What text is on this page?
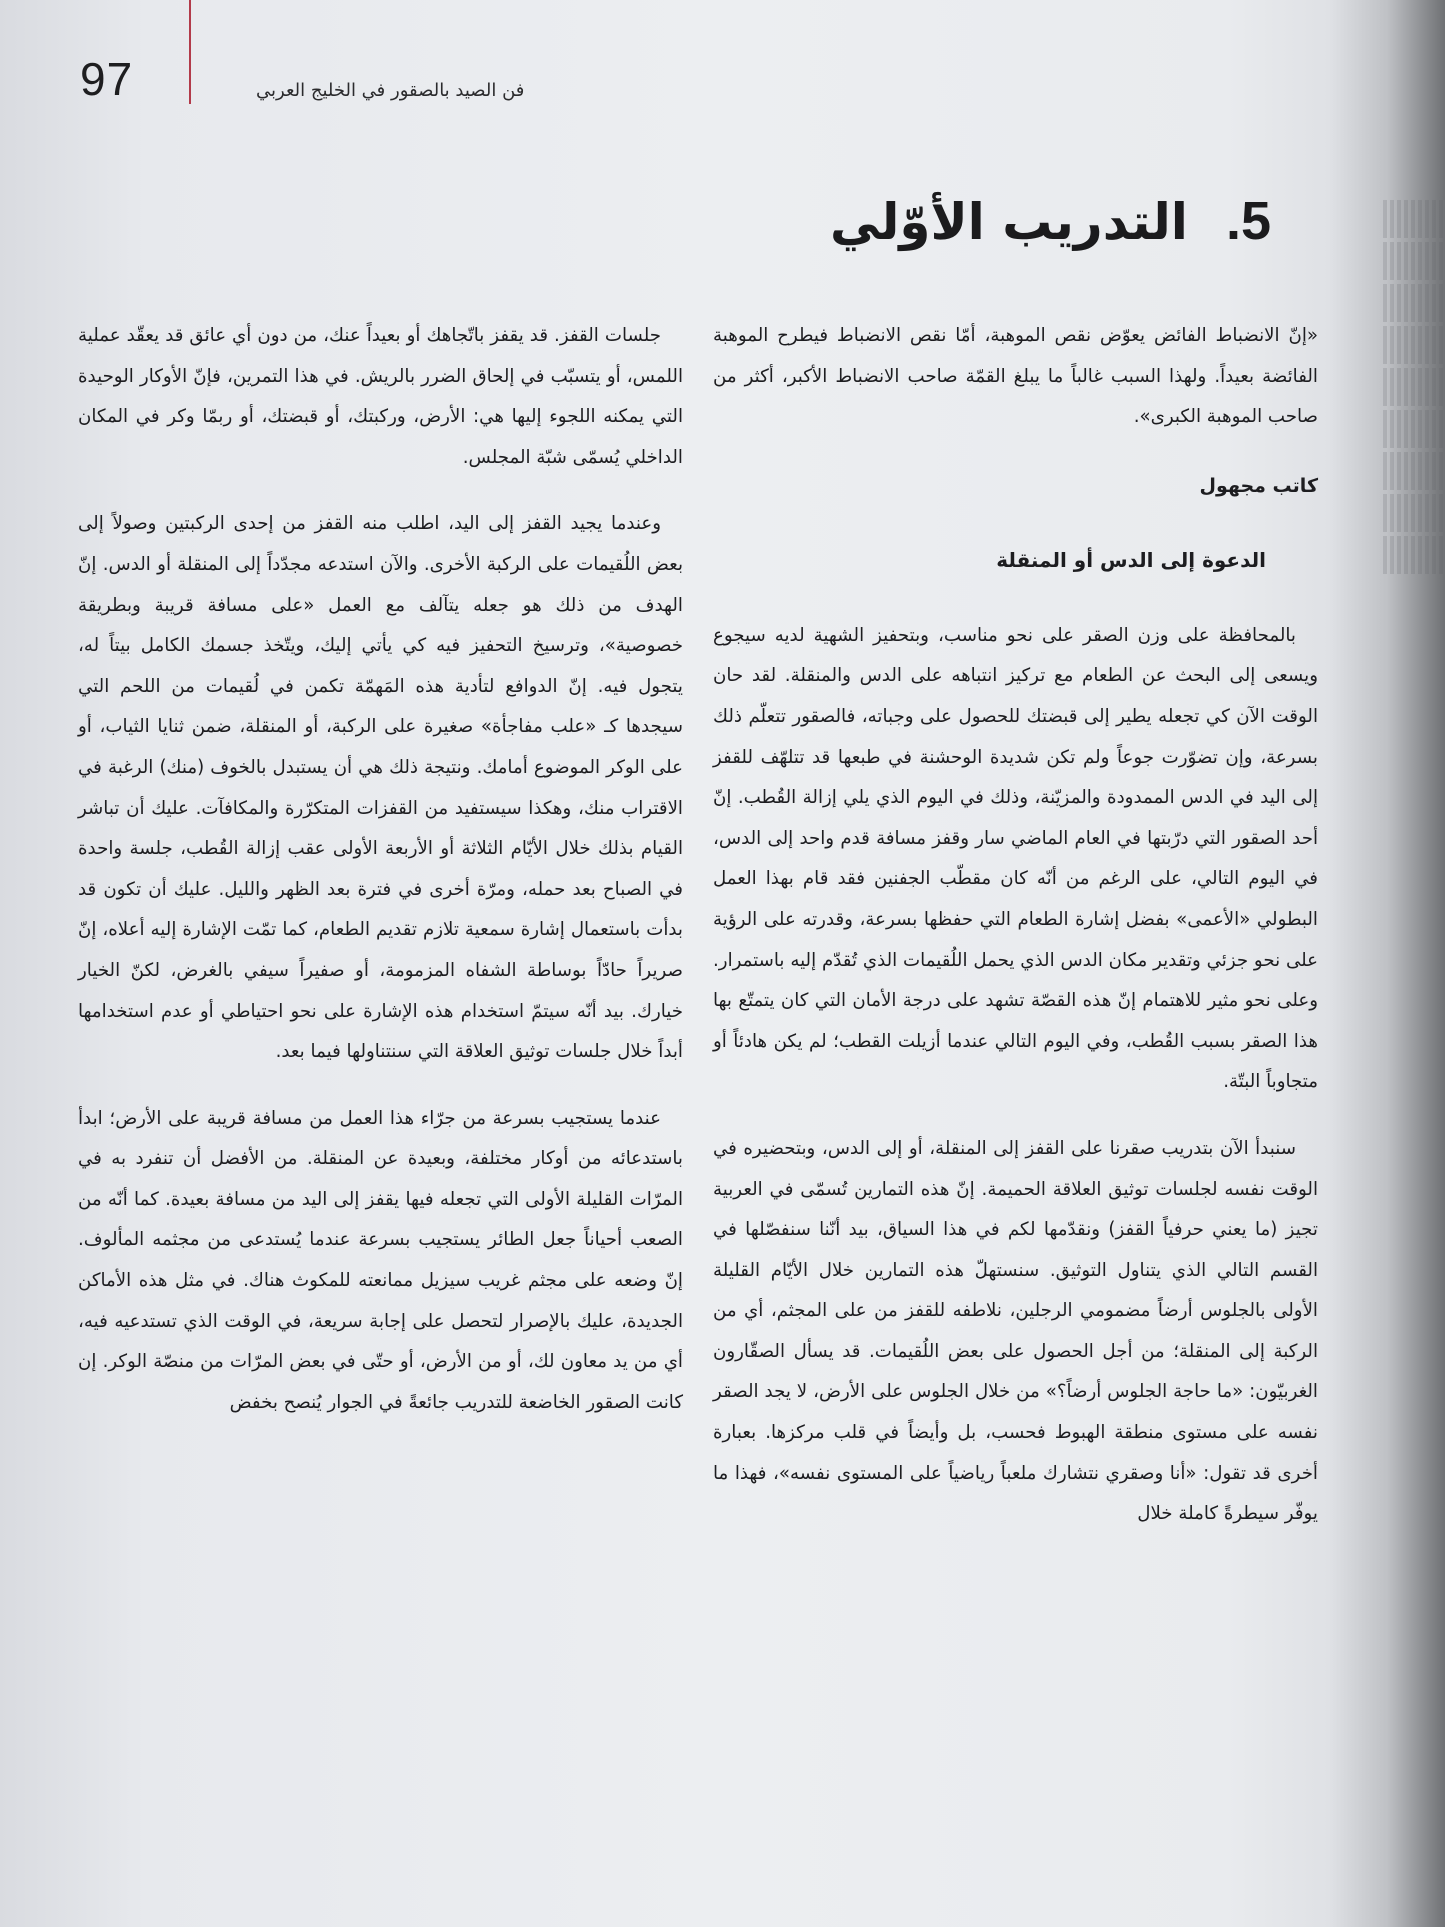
97	فن الصيد بالصقور في الخليج العربي
5.
التدريب الأوّلي

«إنّ الانضباط الفائض يعوّض نقص الموهبة، أمّا نقص الانضباط فيطرح الموهبة الفائضة بعيداً. ولهذا السبب غالباً ما يبلغ القمّة صاحب الانضباط الأكبر، أكثر من صاحب الموهبة الكبرى».

كاتب مجهول
الدعوة إلى الدس أو المنقلة

بالمحافظة على وزن الصقر على نحو مناسب، وبتحفيز الشهية لديه سيجوع ويسعى إلى البحث عن الطعام مع تركيز انتباهه على الدس والمنقلة. لقد حان الوقت الآن كي تجعله يطير إلى قبضتك للحصول على وجباته، فالصقور تتعلّم ذلك بسرعة، وإن تضوّرت جوعاً ولم تكن شديدة الوحشنة في طبعها قد تتلهّف للقفز إلى اليد في الدس الممدودة والمزيّنة، وذلك في اليوم الذي يلي إزالة القُطب. إنّ أحد الصقور التي درّبتها في العام الماضي سار وقفز مسافة قدم واحد إلى الدس، في اليوم التالي، على الرغم من أنّه كان مقطّب الجفنين فقد قام بهذا العمل البطولي «الأعمى» بفضل إشارة الطعام التي حفظها بسرعة، وقدرته على الرؤية على نحو جزئي وتقدير مكان الدس الذي يحمل اللُقيمات الذي تُقدّم إليه باستمرار. وعلى نحو مثير للاهتمام إنّ هذه القصّة تشهد على درجة الأمان التي كان يتمتّع بها هذا الصقر بسبب القُطب، وفي اليوم التالي عندما أزيلت القطب؛ لم يكن هادئاً أو متجاوباً البتّة.

سنبدأ الآن بتدريب صقرنا على القفز إلى المنقلة، أو إلى الدس، وبتحضيره في الوقت نفسه لجلسات توثيق العلاقة الحميمة. إنّ هذه التمارين تُسمّى في العربية تجيز (ما يعني حرفياً القفز) ونقدّمها لكم في هذا السياق، بيد أنّنا سنفصّلها في القسم التالي الذي يتناول التوثيق. سنستهلّ هذه التمارين خلال الأيّام القليلة الأولى بالجلوس أرضاً مضمومي الرجلين، نلاطفه للقفز من على المجثم، أي من الركبة إلى المنقلة؛ من أجل الحصول على بعض اللُقيمات. قد يسأل الصقّارون الغربيّون: «ما حاجة الجلوس أرضاً؟» من خلال الجلوس على الأرض، لا يجد الصقر نفسه على مستوى منطقة الهبوط فحسب، بل وأيضاً في قلب مركزها. بعبارة أخرى قد تقول: «أنا وصقري نتشارك ملعباً رياضياً على المستوى نفسه»، فهذا ما يوفّر سيطرةً كاملة خلال

جلسات القفز. قد يقفز باتّجاهك أو بعيداً عنك، من دون أي عائق قد يعقّد عملية اللمس، أو يتسبّب في إلحاق الضرر بالريش. في هذا التمرين، فإنّ الأوكار الوحيدة التي يمكنه اللجوء إليها هي: الأرض، وركبتك، أو قبضتك، أو ربمّا وكر في المكان الداخلي يُسمّى شبّة المجلس.

وعندما يجيد القفز إلى اليد، اطلب منه القفز من إحدى الركبتين وصولاً إلى بعض اللُقيمات على الركبة الأخرى. والآن استدعه مجدّداً إلى المنقلة أو الدس. إنّ الهدف من ذلك هو جعله يتآلف مع العمل «على مسافة قريبة وبطريقة خصوصية»، وترسيخ التحفيز فيه كي يأتي إليك، ويتّخذ جسمك الكامل بيتاً له، يتجول فيه. إنّ الدوافع لتأدية هذه المَهمّة تكمن في لُقيمات من اللحم التي سيجدها كـ «علب مفاجأة» صغيرة على الركبة، أو المنقلة، ضمن ثنايا الثياب، أو على الوكر الموضوع أمامك. ونتيجة ذلك هي أن يستبدل بالخوف (منك) الرغبة في الاقتراب منك، وهكذا سيستفيد من القفزات المتكرّرة والمكافآت. عليك أن تباشر القيام بذلك خلال الأيّام الثلاثة أو الأربعة الأولى عقب إزالة القُطب، جلسة واحدة في الصباح بعد حمله، ومرّة أخرى في فترة بعد الظهر والليل. عليك أن تكون قد بدأت باستعمال إشارة سمعية تلازم تقديم الطعام، كما تمّت الإشارة إليه أعلاه، إنّ صريراً حادّاً بوساطة الشفاه المزمومة، أو صفيراً سيفي بالغرض، لكنّ الخيار خيارك. بيد أنّه سيتمّ استخدام هذه الإشارة على نحو احتياطي أو عدم استخدامها أبداً خلال جلسات توثيق العلاقة التي سنتناولها فيما بعد.

عندما يستجيب بسرعة من جرّاء هذا العمل من مسافة قريبة على الأرض؛ ابدأ باستدعائه من أوكار مختلفة، وبعيدة عن المنقلة. من الأفضل أن تنفرد به في المرّات القليلة الأولى التي تجعله فيها يقفز إلى اليد من مسافة بعيدة. كما أنّه من الصعب أحياناً جعل الطائر يستجيب بسرعة عندما يُستدعى من مجثمه المألوف. إنّ وضعه على مجثم غريب سيزيل ممانعته للمكوث هناك. في مثل هذه الأماكن الجديدة، عليك بالإصرار لتحصل على إجابة سريعة، في الوقت الذي تستدعيه فيه، أي من يد معاون لك، أو من الأرض، أو حتّى في بعض المرّات من منصّة الوكر. إن كانت الصقور الخاضعة للتدريب جائعةً في الجوار يُنصح بخفض
